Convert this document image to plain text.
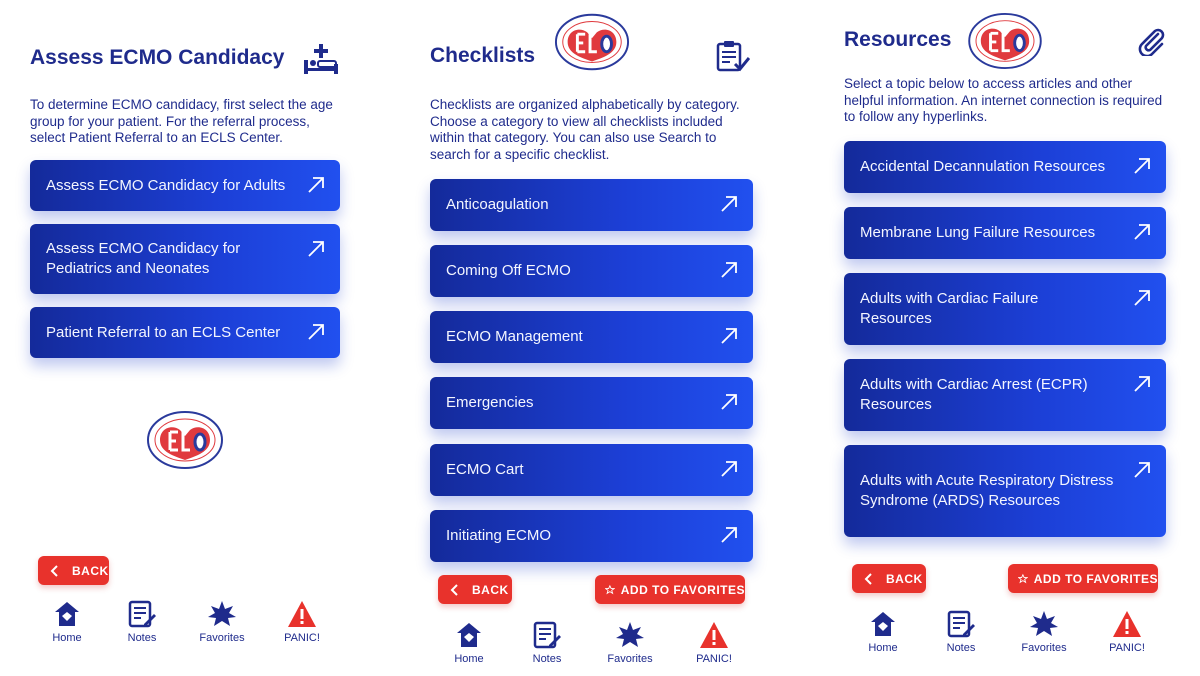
Assess ECMO Candidacy
To determine ECMO candidacy, first select the age group for your patient. For the referral process, select Patient Referral to an ECLS Center.
Assess ECMO Candidacy for Adults
Assess ECMO Candidacy for Pediatrics and Neonates
Patient Referral to an ECLS Center
BACK
Home	Notes	Favorites	PANIC!
Checklists
Checklists are organized alphabetically by category. Choose a category to view all checklists included within that category. You can also use Search to search for a specific checklist.
Anticoagulation
Coming Off ECMO
ECMO Management
Emergencies
ECMO Cart
Initiating ECMO
BACK	ADD TO FAVORITES
Home	Notes	Favorites	PANIC!
Resources
Select a topic below to access articles and other helpful information. An internet connection is required to follow any hyperlinks.
Accidental Decannulation Resources
Membrane Lung Failure Resources
Adults with Cardiac Failure Resources
Adults with Cardiac Arrest (ECPR) Resources
Adults with Acute Respiratory Distress Syndrome (ARDS) Resources
BACK	ADD TO FAVORITES
Home	Notes	Favorites	PANIC!
